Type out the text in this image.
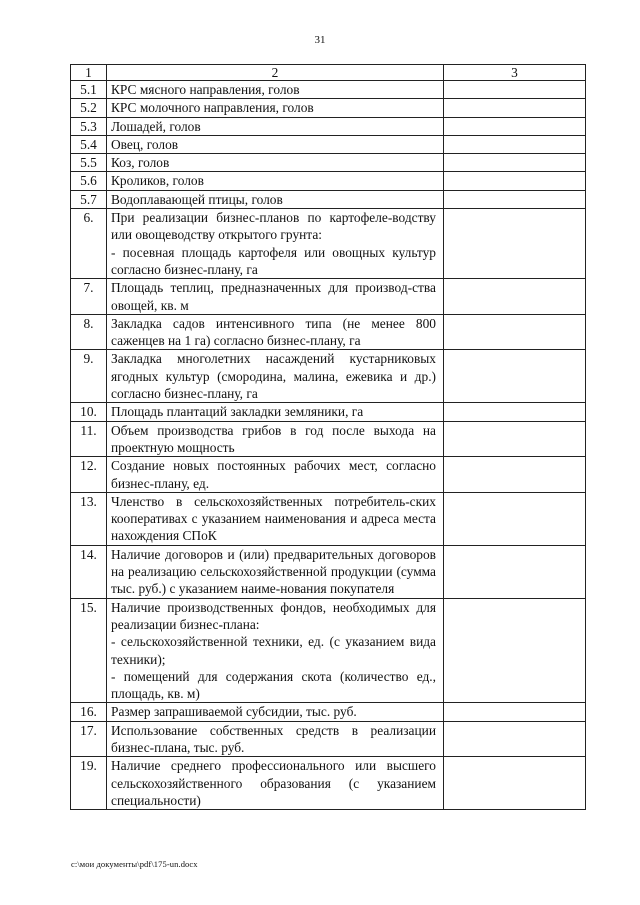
31
1	2	3
5.1	КРС мясного направления, голов	
5.2	КРС молочного направления, голов	
5.3	Лошадей, голов	
5.4	Овец, голов	
5.5	Коз, голов	
5.6	Кроликов, голов	
5.7	Водоплавающей птицы, голов	
6.	При реализации бизнес-планов по картофеле-водству или овощеводству открытого грунта:
- посевная площадь картофеля или овощных культур согласно бизнес-плану, га	

7.	Площадь теплиц, предназначенных для производ-ства овощей, кв. м	
8.	Закладка садов интенсивного типа (не менее 800 саженцев на 1 га) согласно бизнес-плану, га	
9.	Закладка многолетних насаждений кустарниковых ягодных культур (смородина, малина, ежевика и др.) согласно бизнес-плану, га	
10.	Площадь плантаций закладки земляники, га	
11.	Объем производства грибов в год после выхода на проектную мощность	
12.	Создание новых постоянных рабочих мест, согласно бизнес-плану, ед.	
13.	Членство в сельскохозяйственных потребитель-ских кооперативах с указанием наименования и адреса места нахождения СПоК	
14.	Наличие договоров и (или) предварительных договоров на реализацию сельскохозяйственной продукции (сумма тыс. руб.) с указанием наиме-нования покупателя	
15.	Наличие производственных фондов, необходимых для реализации бизнес-плана:
- сельскохозяйственной техники, ед. (с указанием вида техники);
- помещений для содержания скота (количество ед., площадь, кв. м)	

16.	Размер запрашиваемой субсидии, тыс. руб.	
17.	Использование собственных средств в реализации бизнес-плана, тыс. руб.	
19.	Наличие среднего профессионального или высшего сельскохозяйственного образования (с указанием специальности)	
c:\мои документы\pdf\175-un.docx
